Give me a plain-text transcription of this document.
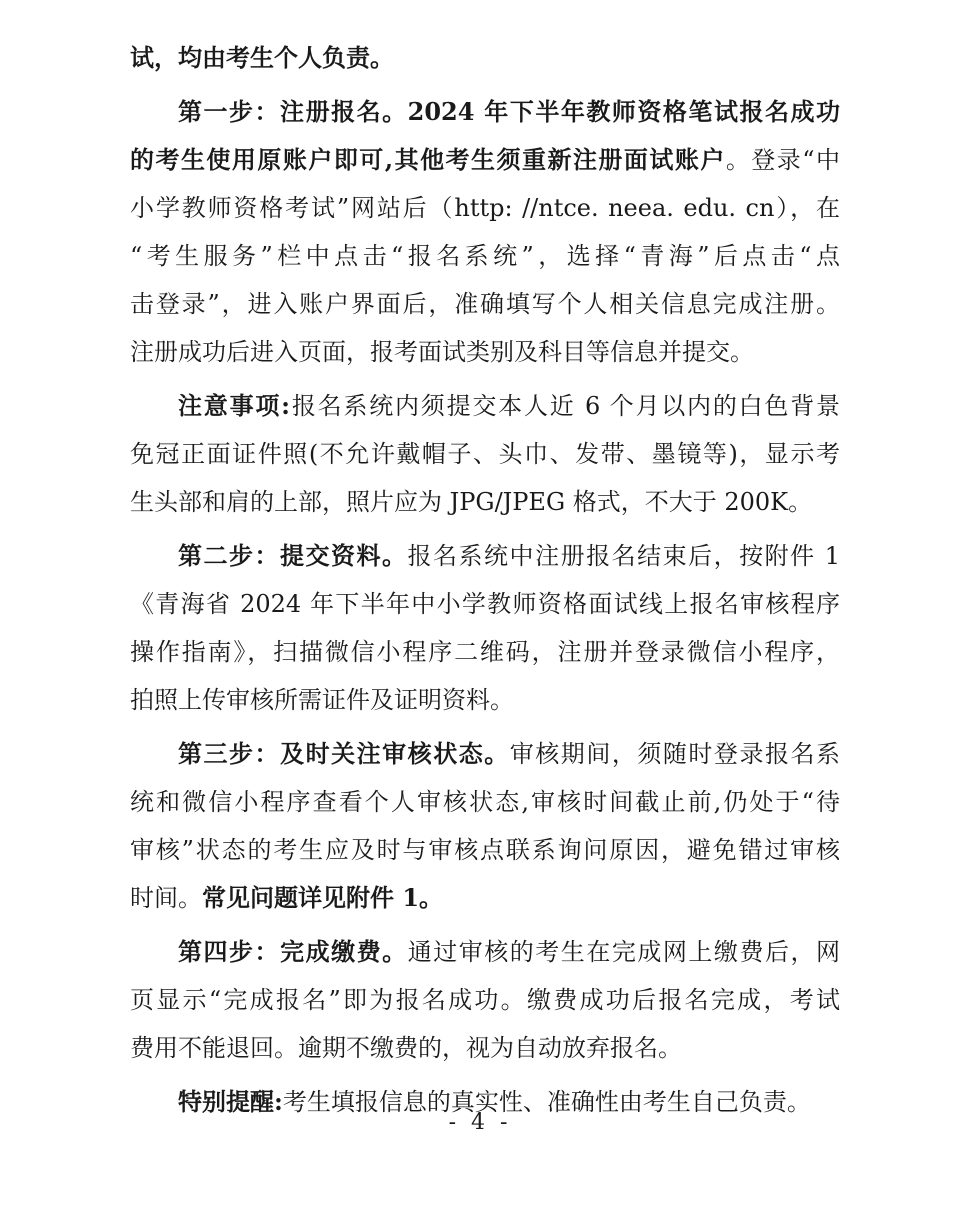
试，均由考生个人负责。
第一步：注册报名。2024 年下半年教师资格笔试报名成功
的考生使用原账户即可,其他考生须重新注册面试账户。登录“中
小学教师资格考试”网站后（http: //ntce. neea. edu. cn），在
“考生服务”栏中点击“报名系统”，选择“青海”后点击“点
击登录”，进入账户界面后，准确填写个人相关信息完成注册。
注册成功后进入页面，报考面试类别及科目等信息并提交。
注意事项:报名系统内须提交本人近 6 个月以内的白色背景
免冠正面证件照(不允许戴帽子、头巾、发带、墨镜等)，显示考
生头部和肩的上部，照片应为 JPG/JPEG 格式，不大于 200K。
第二步：提交资料。报名系统中注册报名结束后，按附件 1
《青海省 2024 年下半年中小学教师资格面试线上报名审核程序
操作指南》，扫描微信小程序二维码，注册并登录微信小程序，
拍照上传审核所需证件及证明资料。
第三步：及时关注审核状态。审核期间，须随时登录报名系
统和微信小程序查看个人审核状态,审核时间截止前,仍处于“待
审核”状态的考生应及时与审核点联系询问原因，避免错过审核
时间。常见问题详见附件 1。
第四步：完成缴费。通过审核的考生在完成网上缴费后，网
页显示“完成报名”即为报名成功。缴费成功后报名完成，考试
费用不能退回。逾期不缴费的，视为自动放弃报名。
特别提醒:考生填报信息的真实性、准确性由考生自己负责。
- 4 -
